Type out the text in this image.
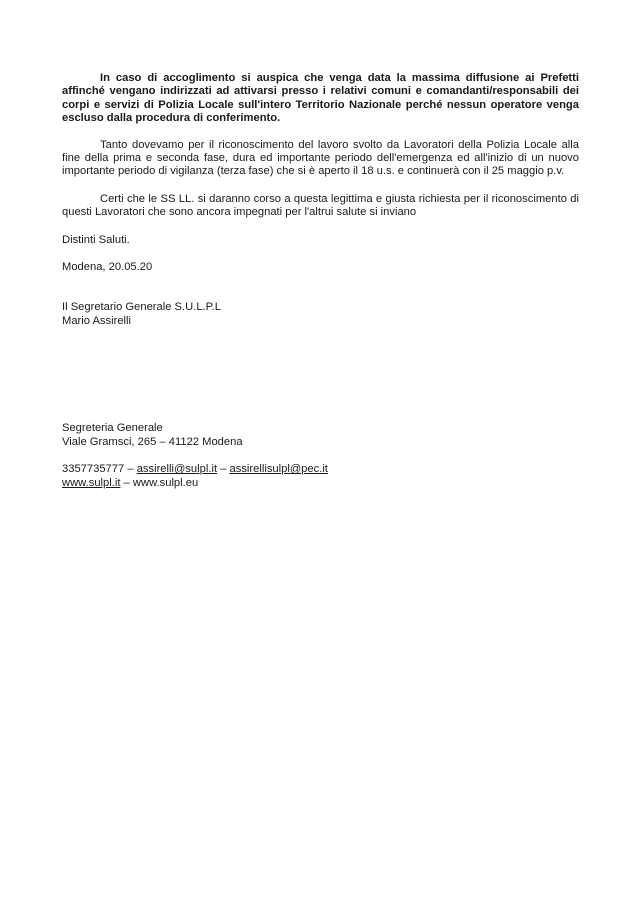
In caso di accoglimento si auspica che venga data la massima diffusione ai Prefetti affinché vengano indirizzati ad attivarsi presso i relativi comuni e comandanti/responsabili dei corpi e servizi di Polizia Locale sull'intero Territorio Nazionale perché nessun operatore venga escluso dalla procedura di conferimento.

Tanto dovevamo per il riconoscimento del lavoro svolto da Lavoratori della Polizia Locale alla fine della prima e seconda fase, dura ed importante periodo dell'emergenza ed all'inizio di un nuovo importante periodo di vigilanza (terza fase) che si è aperto il 18 u.s. e continuerà con il 25 maggio p.v.

Certi che le SS LL. si daranno corso a questa legittima e giusta richiesta per il riconoscimento di questi Lavoratori che sono ancora impegnati per l'altrui salute si inviano

Distinti Saluti.

Modena, 20.05.20

Il Segretario Generale S.U.L.P.L

Mario Assirelli

Segreteria Generale

Viale Gramsci, 265 – 41122 Modena

3357735777 – assirelli@sulpl.it – assirellisulpl@pec.it

www.sulpl.it – www.sulpl.eu
